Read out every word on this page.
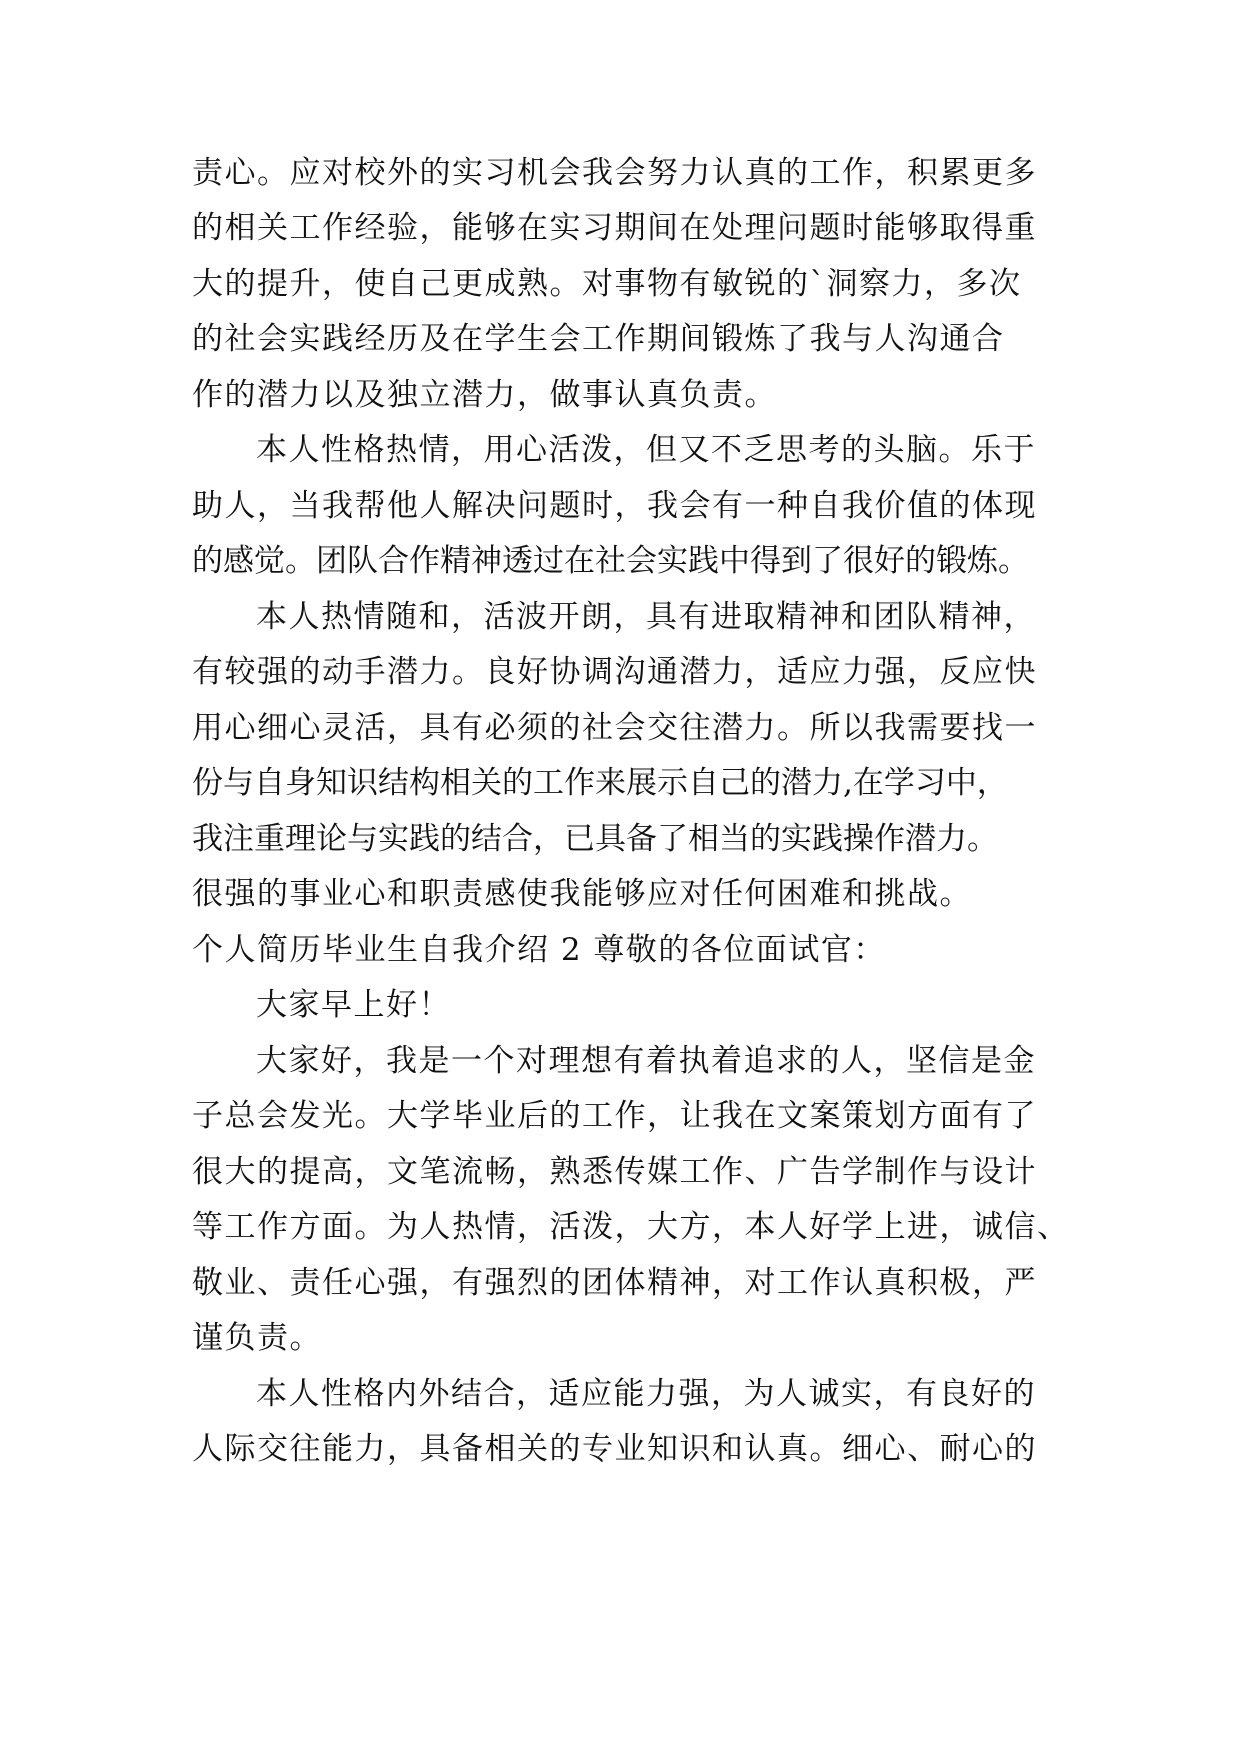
责心。应对校外的实习机会我会努力认真的工作，积累更多
的相关工作经验，能够在实习期间在处理问题时能够取得重
大的提升，使自己更成熟。对事物有敏锐的`洞察力，多次
的社会实践经历及在学生会工作期间锻炼了我与人沟通合
作的潜力以及独立潜力，做事认真负责。
本人性格热情，用心活泼，但又不乏思考的头脑。乐于
助人，当我帮他人解决问题时，我会有一种自我价值的体现
的感觉。团队合作精神透过在社会实践中得到了很好的锻炼。
本人热情随和，活波开朗，具有进取精神和团队精神，
有较强的动手潜力。良好协调沟通潜力，适应力强，反应快
用心细心灵活，具有必须的社会交往潜力。所以我需要找一
份与自身知识结构相关的工作来展示自己的潜力,在学习中，
我注重理论与实践的结合，已具备了相当的实践操作潜力。
很强的事业心和职责感使我能够应对任何困难和挑战。
个人简历毕业生自我介绍 2 尊敬的各位面试官：
大家早上好！
大家好，我是一个对理想有着执着追求的人，坚信是金
子总会发光。大学毕业后的工作，让我在文案策划方面有了
很大的提高，文笔流畅，熟悉传媒工作、广告学制作与设计
等工作方面。为人热情，活泼，大方，本人好学上进，诚信、
敬业、责任心强，有强烈的团体精神，对工作认真积极，严
谨负责。
本人性格内外结合，适应能力强，为人诚实，有良好的
人际交往能力，具备相关的专业知识和认真。细心、耐心的
